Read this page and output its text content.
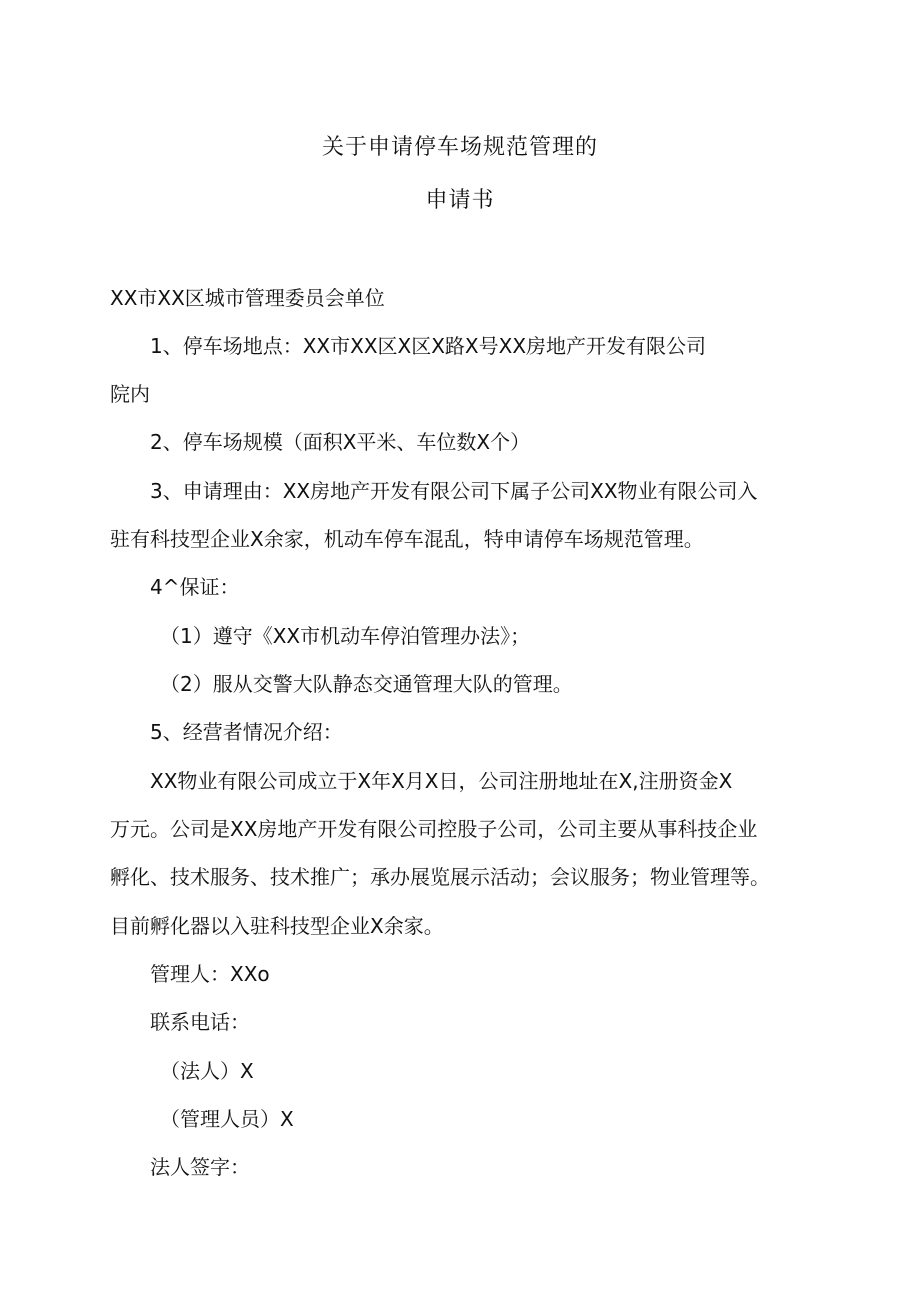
关于申请停车场规范管理的
申请书
XX市XX区城市管理委员会单位
1、停车场地点：XX市XX区X区X路X号XX房地产开发有限公司
院内
2、停车场规模（面积X平米、车位数X个）
3、申请理由：XX房地产开发有限公司下属子公司XX物业有限公司入
驻有科技型企业X余家，机动车停车混乱，特申请停车场规范管理。
4^保证：
（1）遵守《XX市机动车停泊管理办法》；
（2）服从交警大队静态交通管理大队的管理。
5、经营者情况介绍：
XX物业有限公司成立于X年X月X日，公司注册地址在X,注册资金X
万元。公司是XX房地产开发有限公司控股子公司，公司主要从事科技企业
孵化、技术服务、技术推广；承办展览展示活动；会议服务；物业管理等。
目前孵化器以入驻科技型企业X余家。
管理人：XXo
联系电话：
（法人）X
（管理人员）X
法人签字：
